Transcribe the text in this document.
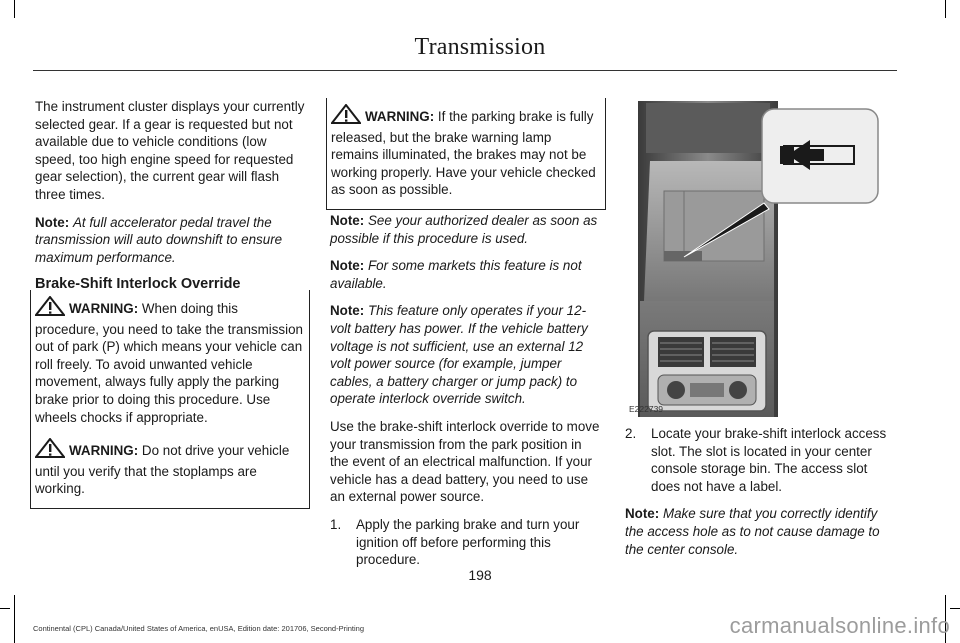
Transmission

The instrument cluster displays your currently selected gear. If a gear is requested but not available due to vehicle conditions (low speed, too high engine speed for requested gear selection), the current gear will flash three times.

Note: At full accelerator pedal travel the transmission will auto downshift to ensure maximum performance.

Brake-Shift Interlock Override

WARNING: When doing this procedure, you need to take the transmission out of park (P) which means your vehicle can roll freely. To avoid unwanted vehicle movement, always fully apply the parking brake prior to doing this procedure. Use wheels chocks if appropriate.

WARNING: Do not drive your vehicle until you verify that the stoplamps are working.

WARNING: If the parking brake is fully released, but the brake warning lamp remains illuminated, the brakes may not be working properly. Have your vehicle checked as soon as possible.

Note: See your authorized dealer as soon as possible if this procedure is used.

Note: For some markets this feature is not available.

Note: This feature only operates if your 12-volt battery has power. If the vehicle battery voltage is not sufficient, use an external 12 volt power source (for example, jumper cables, a battery charger or jump pack) to operate interlock override switch.

Use the brake-shift interlock override to move your transmission from the park position in the event of an electrical malfunction. If your vehicle has a dead battery, you need to use an external power source.

1.	Apply the parking brake and turn your ignition off before performing this procedure.
E222739
2.	Locate your brake-shift interlock access slot. The slot is located in your center console storage bin. The access slot does not have a label.

Note: Make sure that you correctly identify the access hole as to not cause damage to the center console.

198
Continental (CPL) Canada/United States of America, enUSA, Edition date: 201706, Second-Printing	carmanualsonline.info
